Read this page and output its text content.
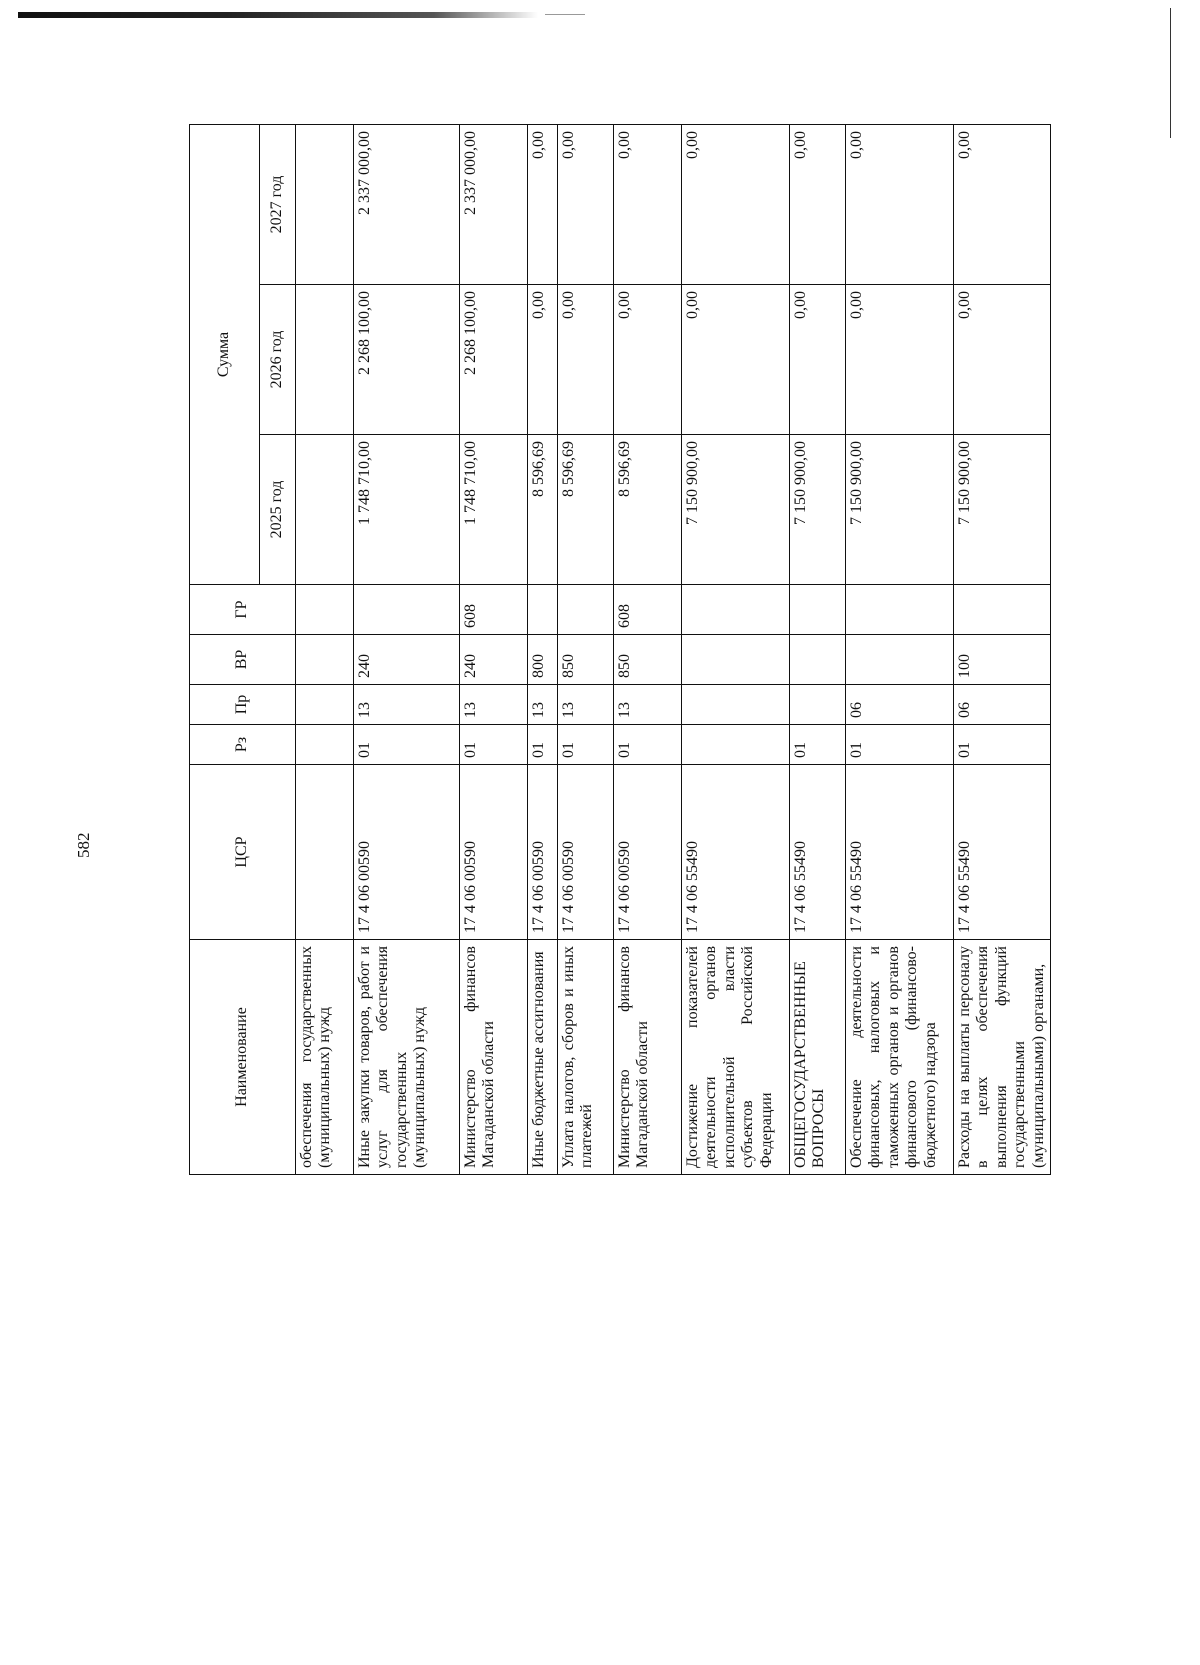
582
Наименование	ЦСР	Рз	Пр	ВР	ГР	Сумма		
						2025 год	2026 год	2027 год
обеспечения государственных (муниципальных) нужд								
Иные закупки товаров, работ и услуг для обеспечения государственных (муниципальных) нужд	17 4 06 00590	01	13	240		1 748 710,00	2 268 100,00	2 337 000,00
Министерство финансов Магаданской области	17 4 06 00590	01	13	240	608	1 748 710,00	2 268 100,00	2 337 000,00
Иные бюджетные ассигнования	17 4 06 00590	01	13	800		8 596,69	0,00	0,00
Уплата налогов, сборов и иных платежей	17 4 06 00590	01	13	850		8 596,69	0,00	0,00
Министерство финансов Магаданской области	17 4 06 00590	01	13	850	608	8 596,69	0,00	0,00
Достижение показателей деятельности органов исполнительной власти субъектов Российской Федерации	17 4 06 55490					7 150 900,00	0,00	0,00
ОБЩЕГОСУДАРСТВЕННЫЕ ВОПРОСЫ	17 4 06 55490	01				7 150 900,00	0,00	0,00
Обеспечение деятельности финансовых, налоговых и таможенных органов и органов финансового (финансово-бюджетного) надзора	17 4 06 55490	01	06			7 150 900,00	0,00	0,00
Расходы на выплаты персоналу в целях обеспечения выполнения функций государственными (муниципальными) органами,	17 4 06 55490	01	06	100		7 150 900,00	0,00	0,00
